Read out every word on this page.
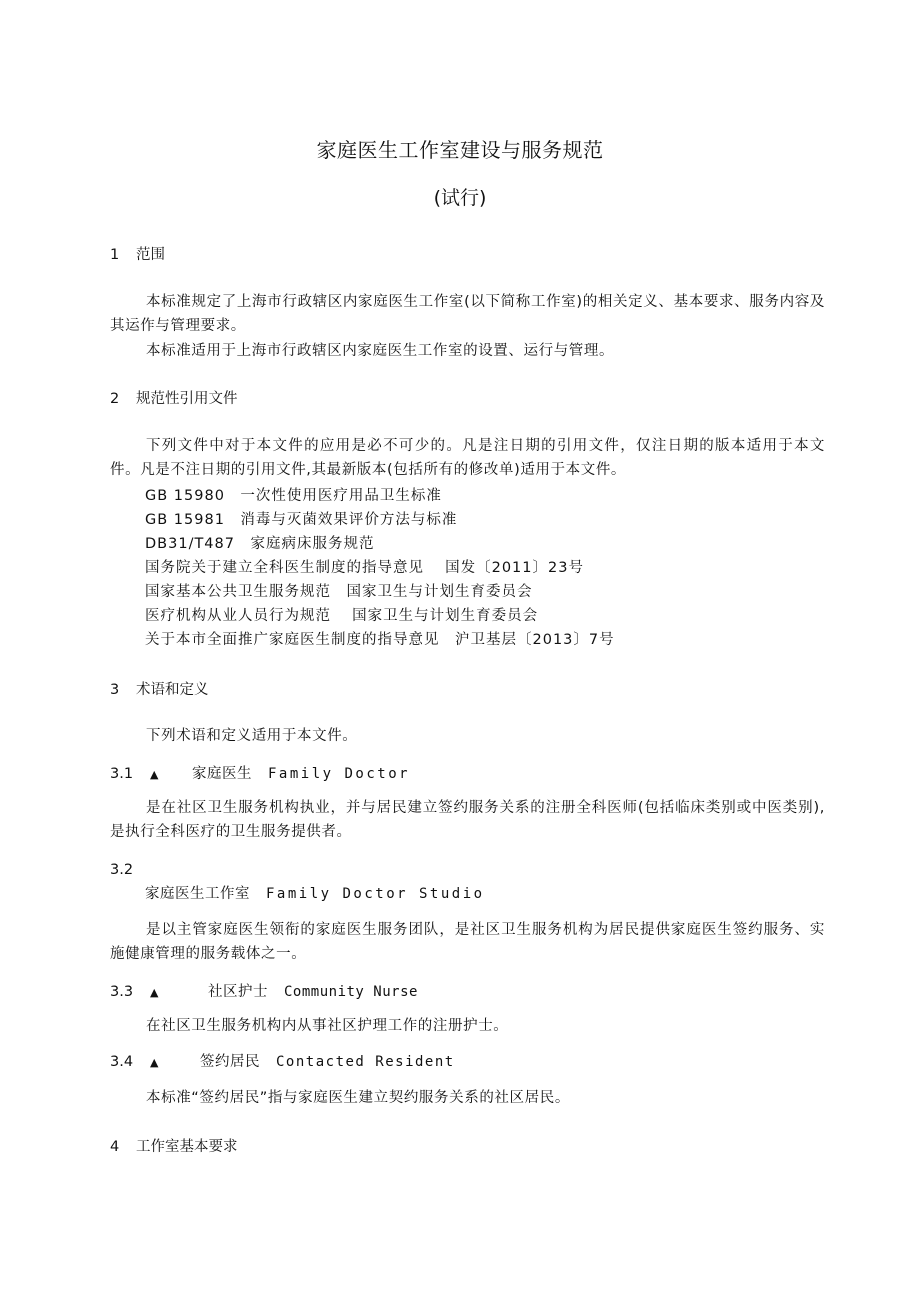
家庭医生工作室建设与服务规范
(试行)
1 范围
本标准规定了上海市行政辖区内家庭医生工作室(以下简称工作室)的相关定义、基本要求、服务内容及其运作与管理要求。
本标准适用于上海市行政辖区内家庭医生工作室的设置、运行与管理。
2 规范性引用文件
下列文件中对于本文件的应用是必不可少的。凡是注日期的引用文件，仅注日期的版本适用于本文件。凡是不注日期的引用文件,其最新版本(包括所有的修改单)适用于本文件。
GB 15980　一次性使用医疗用品卫生标准
GB 15981　消毒与灭菌效果评价方法与标准
DB31/T487　家庭病床服务规范
国务院关于建立全科医生制度的指导意见　 国发〔2011〕23号
国家基本公共卫生服务规范　国家卫生与计划生育委员会
医疗机构从业人员行为规范　 国家卫生与计划生育委员会
关于本市全面推广家庭医生制度的指导意见　沪卫基层〔2013〕7号
3 术语和定义
下列术语和定义适用于本文件。
3.1 ▲ 家庭医生 Family Doctor
是在社区卫生服务机构执业，并与居民建立签约服务关系的注册全科医师(包括临床类别或中医类别),是执行全科医疗的卫生服务提供者。
3.2
家庭医生工作室 Family Doctor Studio
是以主管家庭医生领衔的家庭医生服务团队，是社区卫生服务机构为居民提供家庭医生签约服务、实施健康管理的服务载体之一。
3.3 ▲	社区护士 Community Nurse
在社区卫生服务机构内从事社区护理工作的注册护士。
3.4 ▲	签约居民 Contacted Resident
本标准“签约居民”指与家庭医生建立契约服务关系的社区居民。
4 工作室基本要求
